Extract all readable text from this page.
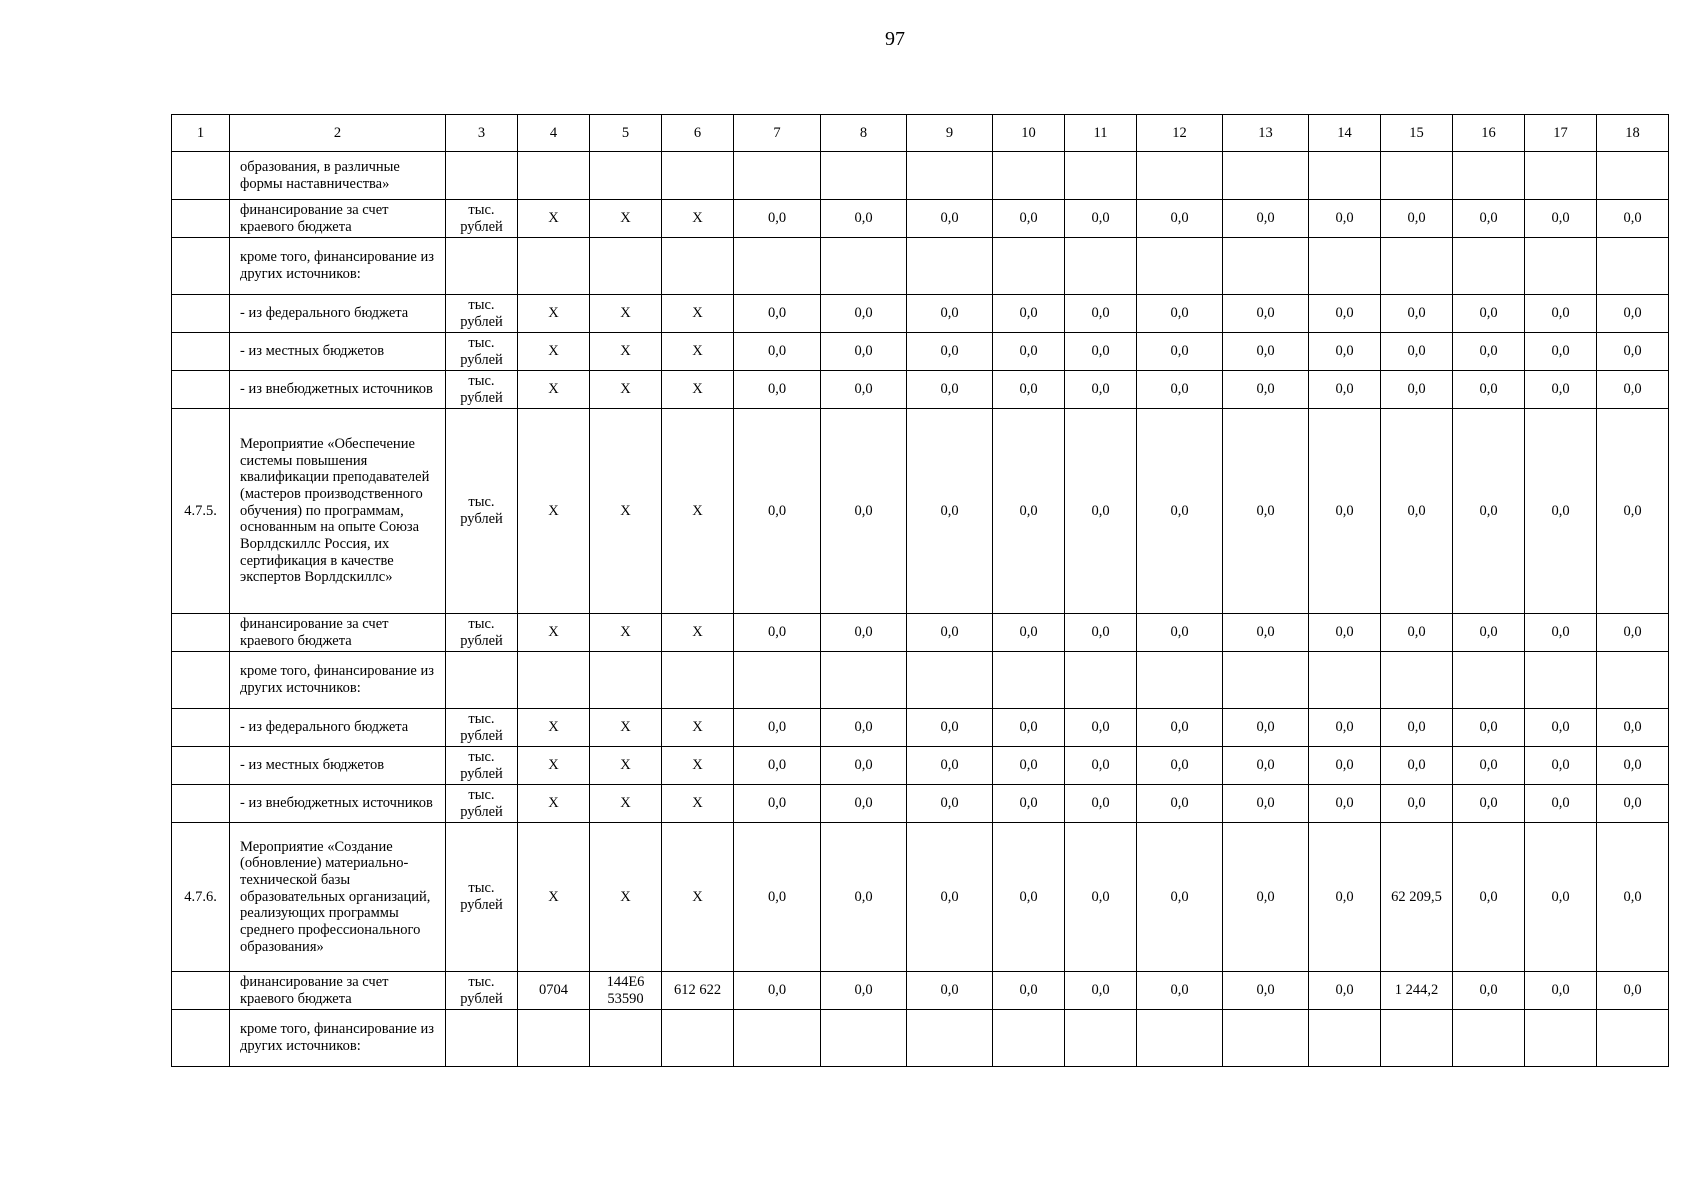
97
1	2	3	4	5	6	7	8	9	10	11	12	13	14	15	16	17	18
	образования, в различные формы наставничества»																
	финансирование за счет краевого бюджета	тыс. рублей	X	X	X	0,0	0,0	0,0	0,0	0,0	0,0	0,0	0,0	0,0	0,0	0,0	0,0
	кроме того, финансирование из других источников:																
	- из федерального бюджета	тыс. рублей	X	X	X	0,0	0,0	0,0	0,0	0,0	0,0	0,0	0,0	0,0	0,0	0,0	0,0
	- из местных бюджетов	тыс. рублей	X	X	X	0,0	0,0	0,0	0,0	0,0	0,0	0,0	0,0	0,0	0,0	0,0	0,0
	- из внебюджетных источников	тыс. рублей	X	X	X	0,0	0,0	0,0	0,0	0,0	0,0	0,0	0,0	0,0	0,0	0,0	0,0
4.7.5.	Мероприятие «Обеспечение системы повышения квалификации преподавателей (мастеров производственного обучения) по программам, основанным на опыте Союза Ворлдскиллс Россия, их сертификация в качестве экспертов Ворлдскиллс»	тыс. рублей	X	X	X	0,0	0,0	0,0	0,0	0,0	0,0	0,0	0,0	0,0	0,0	0,0	0,0
	финансирование за счет краевого бюджета	тыс. рублей	X	X	X	0,0	0,0	0,0	0,0	0,0	0,0	0,0	0,0	0,0	0,0	0,0	0,0
	кроме того, финансирование из других источников:																
	- из федерального бюджета	тыс. рублей	X	X	X	0,0	0,0	0,0	0,0	0,0	0,0	0,0	0,0	0,0	0,0	0,0	0,0
	- из местных бюджетов	тыс. рублей	X	X	X	0,0	0,0	0,0	0,0	0,0	0,0	0,0	0,0	0,0	0,0	0,0	0,0
	- из внебюджетных источников	тыс. рублей	X	X	X	0,0	0,0	0,0	0,0	0,0	0,0	0,0	0,0	0,0	0,0	0,0	0,0
4.7.6.	Мероприятие «Создание (обновление) материально-технической базы образовательных организаций, реализующих программы среднего профессионального образования»	тыс. рублей	X	X	X	0,0	0,0	0,0	0,0	0,0	0,0	0,0	0,0	62 209,5	0,0	0,0	0,0
	финансирование за счет краевого бюджета	тыс. рублей	0704	144E6 53590	612 622	0,0	0,0	0,0	0,0	0,0	0,0	0,0	0,0	1 244,2	0,0	0,0	0,0
	кроме того, финансирование из других источников:																
